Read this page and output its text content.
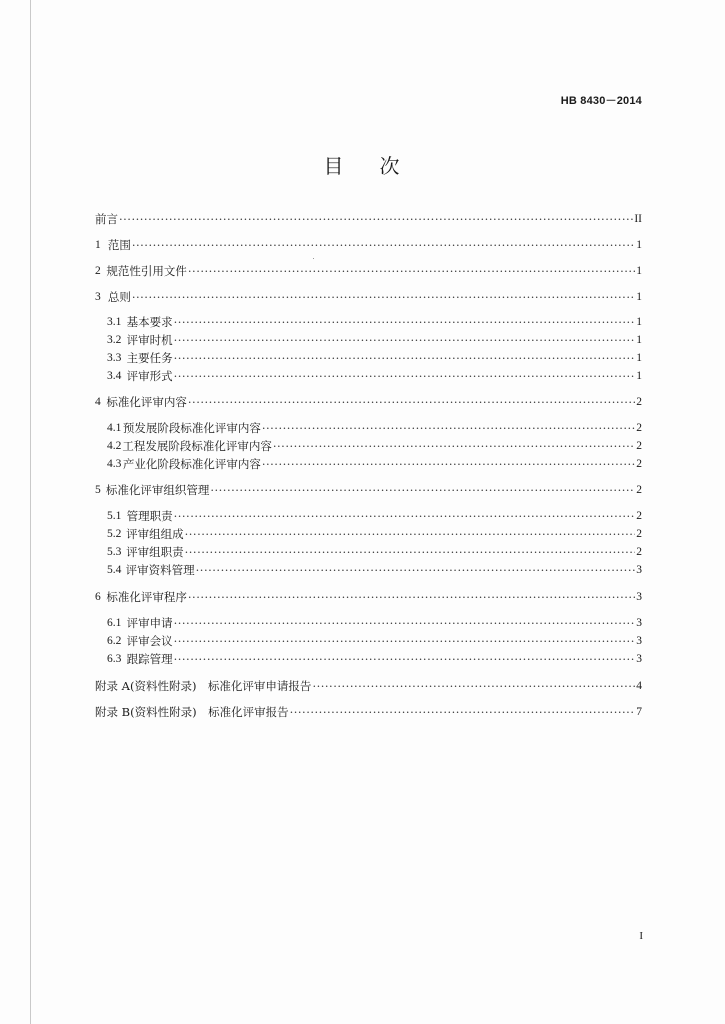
HB 8430－2014
目 次
前言 ·····	II
1 范围 ·····	1
2 规范性引用文件 ·····	1
3 总则 ·····	1
3.1 基本要求 ·····	1
3.2 评审时机 ·····	1
3.3 主要任务 ·····	1
3.4 评审形式 ·····	1
4 标准化评审内容 ·····	2
4.1 预发展阶段标准化评审内容 ·····	2
4.2 工程发展阶段标准化评审内容 ·····	2
4.3 产业化阶段标准化评审内容 ·····	2
5 标准化评审组织管理 ·····	2
5.1 管理职责 ·····	2
5.2 评审组组成 ·····	2
5.3 评审组职责 ·····	2
5.4 评审资料管理 ·····	3
6 标准化评审程序 ·····	3
6.1 评审申请 ·····	3
6.2 评审会议 ·····	3
6.3 跟踪管理 ·····	3
附录 A(资料性附录)　标准化评审申请报告 ·····	4
附录 B(资料性附录)　标准化评审报告 ·····	7
I
